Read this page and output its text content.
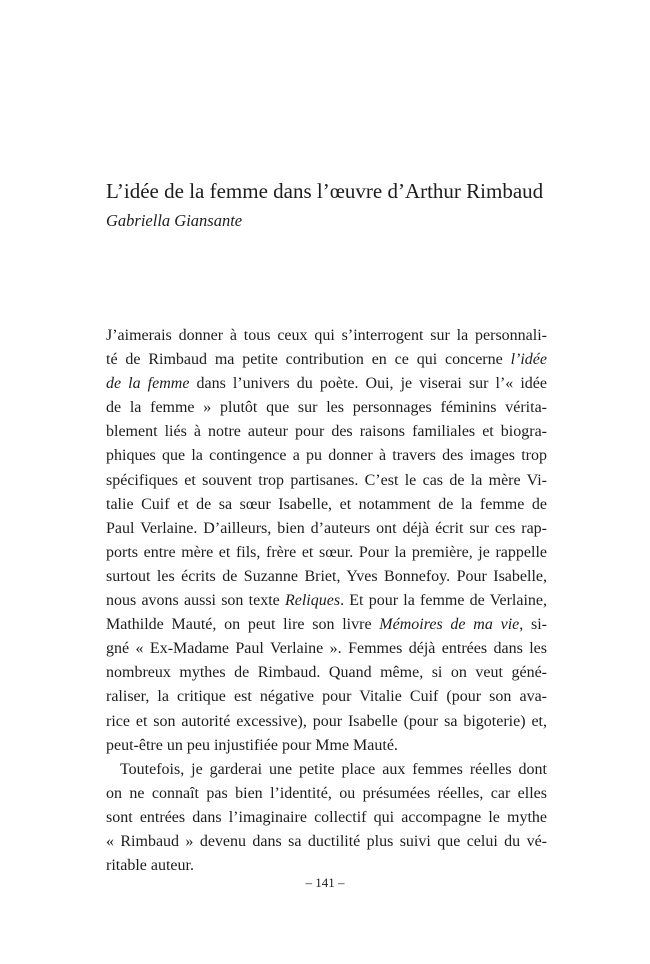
L’idée de la femme dans l’œuvre d’Arthur Rimbaud
Gabriella Giansante
J’aimerais donner à tous ceux qui s’interrogent sur la personnali-
té de Rimbaud ma petite contribution en ce qui concerne l’idée
de la femme dans l’univers du poète. Oui, je viserai sur l’« idée
de la femme » plutôt que sur les personnages féminins vérita-
blement liés à notre auteur pour des raisons familiales et biogra-
phiques que la contingence a pu donner à travers des images trop
spécifiques et souvent trop partisanes. C’est le cas de la mère Vi-
talie Cuif et de sa sœur Isabelle, et notamment de la femme de
Paul Verlaine. D’ailleurs, bien d’auteurs ont déjà écrit sur ces rap-
ports entre mère et fils, frère et sœur. Pour la première, je rappelle
surtout les écrits de Suzanne Briet, Yves Bonnefoy. Pour Isabelle,
nous avons aussi son texte Reliques. Et pour la femme de Verlaine,
Mathilde Mauté, on peut lire son livre Mémoires de ma vie, si-
gné « Ex-Madame Paul Verlaine ». Femmes déjà entrées dans les
nombreux mythes de Rimbaud. Quand même, si on veut géné-
raliser, la critique est négative pour Vitalie Cuif (pour son ava-
rice et son autorité excessive), pour Isabelle (pour sa bigoterie) et,
peut-être un peu injustifiée pour Mme Mauté.
Toutefois, je garderai une petite place aux femmes réelles dont
on ne connaît pas bien l’identité, ou présumées réelles, car elles
sont entrées dans l’imaginaire collectif qui accompagne le mythe
« Rimbaud » devenu dans sa ductilité plus suivi que celui du vé-
ritable auteur.
– 141 –
